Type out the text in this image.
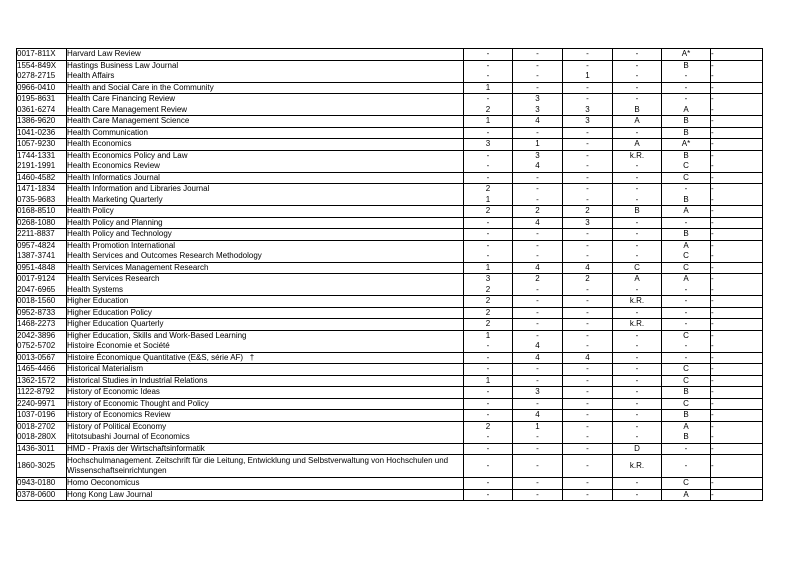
0017-811X	Harvard Law Review	-	-	-	-	A*	-
1554-849X	Hastings Business Law Journal	-	-	-	-	B	-
0278-2715	Health Affairs	-	-	1	-	-	-
0966-0410	Health and Social Care in the Community	1	-	-	-	-	-
0195-8631	Health Care Financing Review	-	3	-	-	-	-
0361-6274	Health Care Management Review	2	3	3	B	A	-
1386-9620	Health Care Management Science	1	4	3	A	B	-
1041-0236	Health Communication	-	-	-	-	B	-
1057-9230	Health Economics	3	1	-	A	A*	-
1744-1331	Health Economics Policy and Law	-	3	-	k.R.	B	-
2191-1991	Health Economics Review	-	4	-	-	C	-
1460-4582	Health Informatics Journal	-	-	-	-	C	-
1471-1834	Health Information and Libraries Journal	2	-	-	-	-	-
0735-9683	Health Marketing Quarterly	1	-	-	-	B	-
0168-8510	Health Policy	2	2	2	B	A	-
0268-1080	Health Policy and Planning	-	4	3	-	-	-
2211-8837	Health Policy and Technology	-	-	-	-	B	-
0957-4824	Health Promotion International	-	-	-	-	A	-
1387-3741	Health Services and Outcomes Research Methodology	-	-	-	-	C	-
0951-4848	Health Services Management Research	1	4	4	C	C	-
0017-9124	Health Services Research	3	2	2	A	A	-
2047-6965	Health Systems	2	-	-	-	-	-
0018-1560	Higher Education	2	-	-	k.R.	-	-
0952-8733	Higher Education Policy	2	-	-	-	-	-
1468-2273	Higher Education Quarterly	2	-	-	k.R.	-	-
2042-3896	Higher Education, Skills and Work-Based Learning	1	-	-	-	C	-
0752-5702	Histoire Économie et Société	-	4	-	-	-	-
0013-0567	Histoire Économique Quantitative (E&S, série AF)   †	-	4	4	-	-	-
1465-4466	Historical Materialism	-	-	-	-	C	-
1362-1572	Historical Studies in Industrial Relations	1	-	-	-	C	-
1122-8792	History of Economic Ideas	-	3	-	-	B	-
2240-9971	History of Economic Thought and Policy	-	-	-	-	C	-
1037-0196	History of Economics Review	-	4	-	-	B	-
0018-2702	History of Political Economy	2	1	-	-	A	-
0018-280X	Hitotsubashi Journal of Economics	-	-	-	-	B	-
1436-3011	HMD - Praxis der Wirtschaftsinformatik	-	-	-	D	-	-
1860-3025	Hochschulmanagement. Zeitschrift für die Leitung, Entwicklung und Selbstverwaltung von Hochschulen und Wissenschaftseinrichtungen	-	-	-	k.R.	-	-
0943-0180	Homo Oeconomicus	-	-	-	-	C	-
0378-0600	Hong Kong Law Journal	-	-	-	-	A	-
